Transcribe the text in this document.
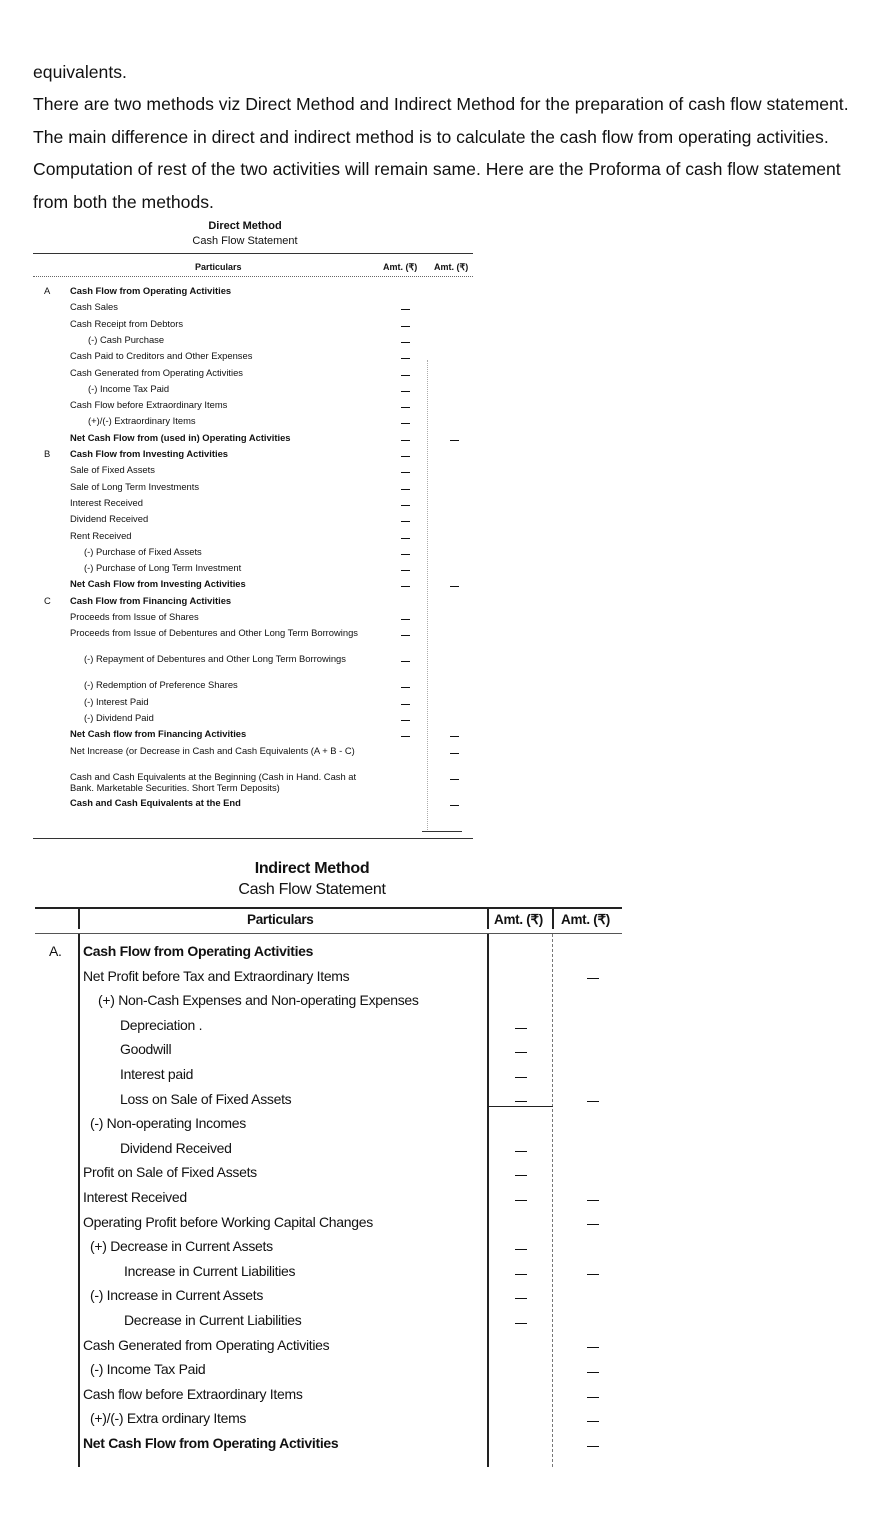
equivalents.

There are two methods viz Direct Method and Indirect Method for the preparation of cash flow statement. The main difference in direct and indirect method is to calculate the cash flow from operating activities. Computation of rest of the two activities will remain same. Here are the Proforma of cash flow statement from both the methods.

Direct Method
Cash Flow Statement
Particulars	Amt. (₹) Amt. (₹)
A Cash Flow from Operating Activities
Cash Sales
Cash Receipt from Debtors
(-) Cash Purchase
Cash Paid to Creditors and Other Expenses
Cash Generated from Operating Activities
(-) Income Tax Paid
Cash Flow before Extraordinary Items
(+)/(-) Extraordinary Items
Net Cash Flow from (used in) Operating Activities
B Cash Flow from Investing Activities
Sale of Fixed Assets
Sale of Long Term Investments
Interest Received
Dividend Received
Rent Received
(-) Purchase of Fixed Assets
(-) Purchase of Long Term Investment
Net Cash Flow from Investing Activities
C Cash Flow from Financing Activities
Proceeds from Issue of Shares
Proceeds from Issue of Debentures and Other Long Term Borrowings
(-) Repayment of Debentures and Other Long Term Borrowings
(-) Redemption of Preference Shares
(-) Interest Paid
(-) Dividend Paid
Net Cash flow from Financing Activities
Net Increase (or Decrease in Cash and Cash Equivalents (A + B - C)
Cash and Cash Equivalents at the Beginning (Cash in Hand. Cash at Bank. Marketable Securities. Short Term Deposits)
Cash and Cash Equivalents at the End
Indirect Method
Cash Flow Statement
Particulars	Amt. (₹) Amt. (₹)
A. Cash Flow from Operating Activities
Net Profit before Tax and Extraordinary Items
(+) Non-Cash Expenses and Non-operating Expenses
Depreciation .
Goodwill
Interest paid
Loss on Sale of Fixed Assets
(-) Non-operating Incomes
Dividend Received
Profit on Sale of Fixed Assets
Interest Received
Operating Profit before Working Capital Changes
(+) Decrease in Current Assets
Increase in Current Liabilities
(-) Increase in Current Assets
Decrease in Current Liabilities
Cash Generated from Operating Activities
(-) Income Tax Paid
Cash flow before Extraordinary Items
(+)/(-) Extra ordinary Items
Net Cash Flow from Operating Activities
